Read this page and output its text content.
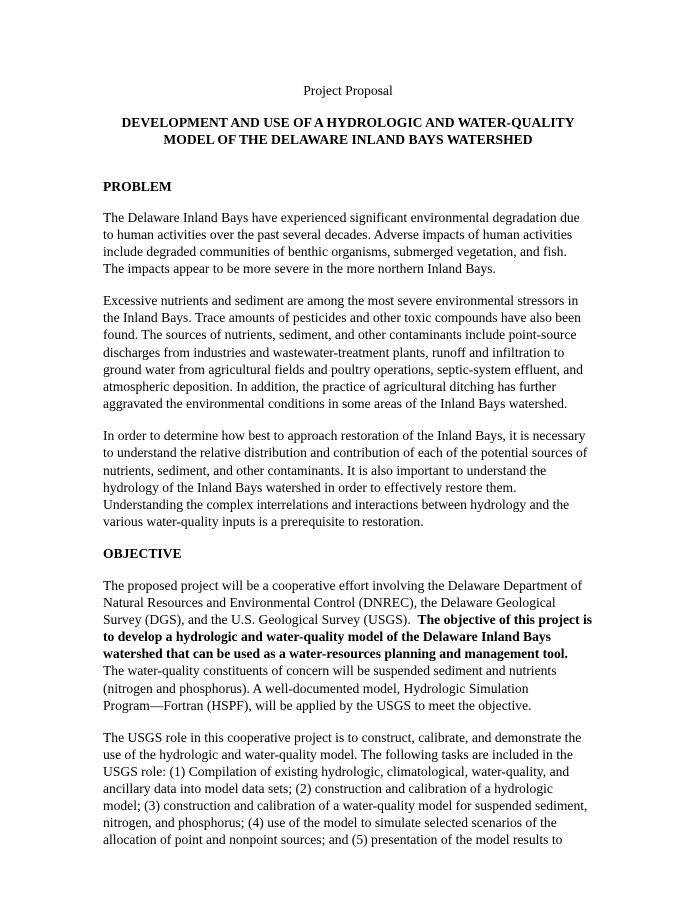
Project Proposal
DEVELOPMENT AND USE OF A HYDROLOGIC AND WATER-QUALITY
MODEL OF THE DELAWARE INLAND BAYS WATERSHED
PROBLEM
The Delaware Inland Bays have experienced significant environmental degradation due
to human activities over the past several decades. Adverse impacts of human activities
include degraded communities of benthic organisms, submerged vegetation, and fish.
The impacts appear to be more severe in the more northern Inland Bays.
Excessive nutrients and sediment are among the most severe environmental stressors in
the Inland Bays. Trace amounts of pesticides and other toxic compounds have also been
found. The sources of nutrients, sediment, and other contaminants include point-source
discharges from industries and wastewater-treatment plants, runoff and infiltration to
ground water from agricultural fields and poultry operations, septic-system effluent, and
atmospheric deposition. In addition, the practice of agricultural ditching has further
aggravated the environmental conditions in some areas of the Inland Bays watershed.
In order to determine how best to approach restoration of the Inland Bays, it is necessary
to understand the relative distribution and contribution of each of the potential sources of
nutrients, sediment, and other contaminants. It is also important to understand the
hydrology of the Inland Bays watershed in order to effectively restore them.
Understanding the complex interrelations and interactions between hydrology and the
various water-quality inputs is a prerequisite to restoration.
OBJECTIVE
The proposed project will be a cooperative effort involving the Delaware Department of
Natural Resources and Environmental Control (DNREC), the Delaware Geological
Survey (DGS), and the U.S. Geological Survey (USGS).  The objective of this project is
to develop a hydrologic and water-quality model of the Delaware Inland Bays
watershed that can be used as a water-resources planning and management tool.
The water-quality constituents of concern will be suspended sediment and nutrients
(nitrogen and phosphorus). A well-documented model, Hydrologic Simulation
Program—Fortran (HSPF), will be applied by the USGS to meet the objective.
The USGS role in this cooperative project is to construct, calibrate, and demonstrate the
use of the hydrologic and water-quality model. The following tasks are included in the
USGS role: (1) Compilation of existing hydrologic, climatological, water-quality, and
ancillary data into model data sets; (2) construction and calibration of a hydrologic
model; (3) construction and calibration of a water-quality model for suspended sediment,
nitrogen, and phosphorus; (4) use of the model to simulate selected scenarios of the
allocation of point and nonpoint sources; and (5) presentation of the model results to
